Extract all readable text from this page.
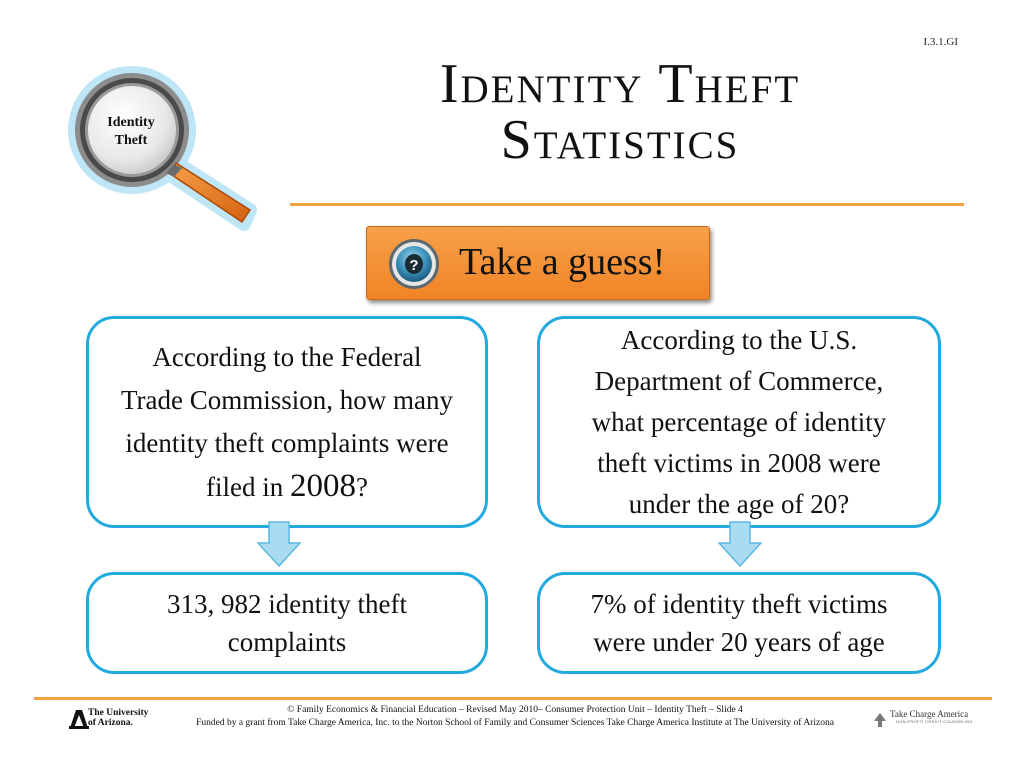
I.3.1.GI
Identity Theft
Statistics
Identity
Theft
? Take a guess!
According to the Federal
Trade Commission, how many
identity theft complaints were
filed in 2008?
According to the U.S.
Department of Commerce,
what percentage of identity
theft victims in 2008 were
under the age of 20?
313, 982 identity theft
complaints
7% of identity theft victims
were under 20 years of age
The University
of Arizona.
© Family Economics & Financial Education – Revised May 2010– Consumer Protection Unit – Identity Theft – Slide 4
Funded by a grant from Take Charge America, Inc. to the Norton School of Family and Consumer Sciences Take Charge America Institute at The University of Arizona
Take Charge America
NON-PROFIT CREDIT COUNSELING
